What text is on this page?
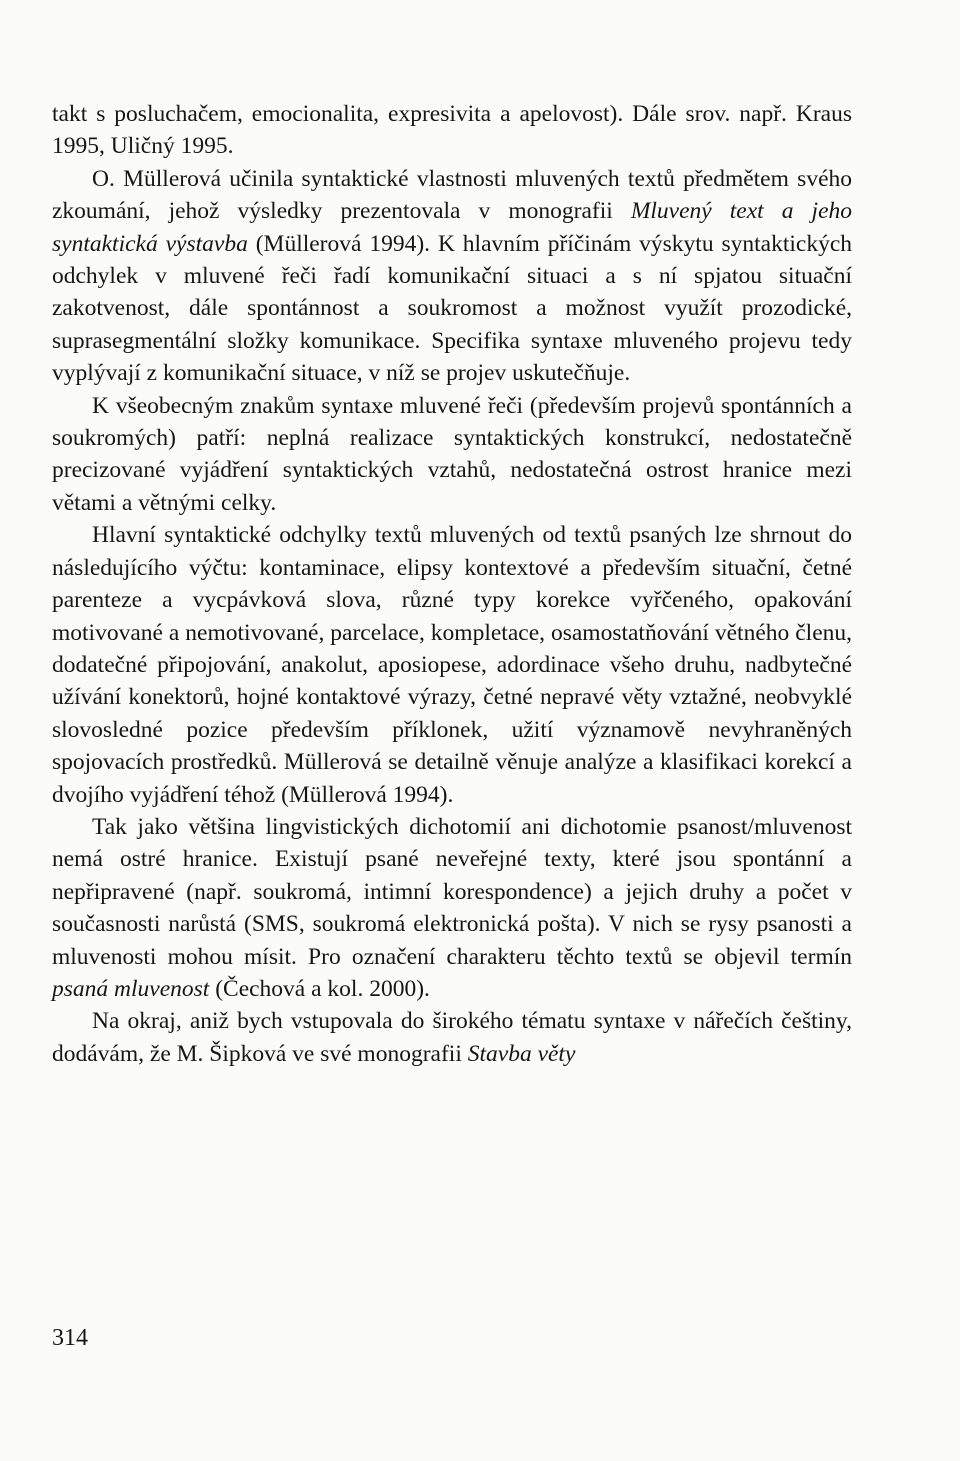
takt s posluchačem, emocionalita, expresivita a apelovost). Dále srov. např. Kraus 1995, Uličný 1995.

O. Müllerová učinila syntaktické vlastnosti mluvených textů předmětem svého zkoumání, jehož výsledky prezentovala v monografii Mluvený text a jeho syntaktická výstavba (Müllerová 1994). K hlavním příčinám výskytu syntaktických odchylek v mluvené řeči řadí komunikační situaci a s ní spjatou situační zakotvenost, dále spontánnost a soukromost a možnost využít prozodické, suprasegmentální složky komunikace. Specifika syntaxe mluveného projevu tedy vyplývají z komunikační situace, v níž se projev uskutečňuje.

K všeobecným znakům syntaxe mluvené řeči (především projevů spontánních a soukromých) patří: neplná realizace syntaktických konstrukcí, nedostatečně precizované vyjádření syntaktických vztahů, nedostatečná ostrost hranice mezi větami a větnými celky.

Hlavní syntaktické odchylky textů mluvených od textů psaných lze shrnout do následujícího výčtu: kontaminace, elipsy kontextové a především situační, četné parenteze a vycpávková slova, různé typy korekce vyřčeného, opakování motivované a nemotivované, parcelace, kompletace, osamostatňování větného členu, dodatečné připojování, anakolut, aposiopese, adordinace všeho druhu, nadbytečné užívání konektorů, hojné kontaktové výrazy, četné nepravé věty vztažné, neobvyklé slovosledné pozice především příklonek, užití významově nevyhraněných spojovacích prostředků. Müllerová se detailně věnuje analýze a klasifikaci korekcí a dvojího vyjádření téhož (Müllerová 1994).

Tak jako většina lingvistických dichotomií ani dichotomie psanost/mluvenost nemá ostré hranice. Existují psané neveřejné texty, které jsou spontánní a nepřipravené (např. soukromá, intimní korespondence) a jejich druhy a počet v současnosti narůstá (SMS, soukromá elektronická pošta). V nich se rysy psanosti a mluvenosti mohou mísit. Pro označení charakteru těchto textů se objevil termín psaná mluvenost (Čechová a kol. 2000).

Na okraj, aniž bych vstupovala do širokého tématu syntaxe v nářečích češtiny, dodávám, že M. Šipková ve své monografii Stavba věty

314
